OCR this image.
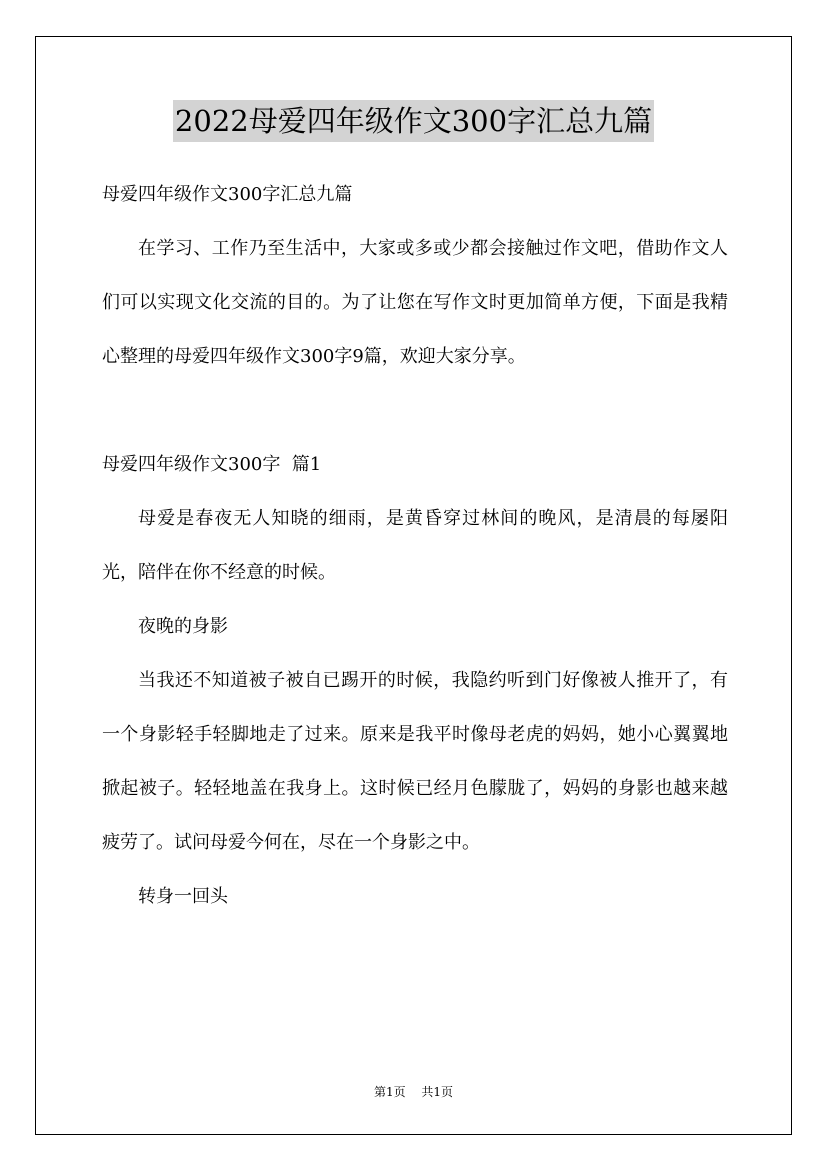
2022母爱四年级作文300字汇总九篇
母爱四年级作文300字汇总九篇

在学习、工作乃至生活中，大家或多或少都会接触过作文吧，借助作文人们可以实现文化交流的目的。为了让您在写作文时更加简单方便，下面是我精心整理的母爱四年级作文300字9篇，欢迎大家分享。

母爱四年级作文300字  篇1

母爱是春夜无人知晓的细雨，是黄昏穿过林间的晚风，是清晨的每屡阳光，陪伴在你不经意的时候。

夜晚的身影

当我还不知道被子被自已踢开的时候，我隐约听到门好像被人推开了，有一个身影轻手轻脚地走了过来。原来是我平时像母老虎的妈妈，她小心翼翼地掀起被子。轻轻地盖在我身上。这时候已经月色朦胧了，妈妈的身影也越来越疲劳了。试问母爱今何在，尽在一个身影之中。

转身一回头
第1页 共1页
